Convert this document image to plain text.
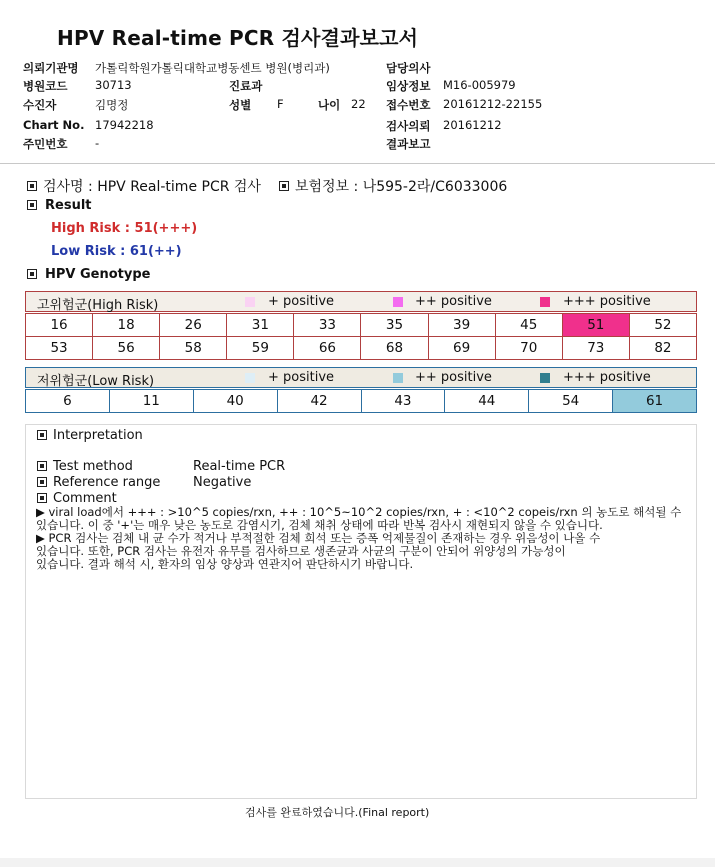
HPV Real-time PCR 검사결과보고서
의뢰기관명 가톨릭학원가톨릭대학교병동센트 병원(병리과)	담당의사
병원코드 30713	진료과	임상정보 M16-005979
수진자	김명정	성별 F	나이 22 접수번호 20161212-22155
Chart No. 17942218	검사의뢰 20161212
주민번호 -	결과보고
검사명 : HPV Real-time PCR 검사 보험정보 : 나595-2라/C6033006
Result
High Risk : 51(+++)
Low Risk : 61(++)
HPV Genotype
고위험군(High Risk)	+ positive	++ positive	+++ positive
16	18	26	31	33	35	39	45	51	52
53	56	58	59	66	68	69	70	73	82
저위험군(Low Risk)	+ positive	++ positive	+++ positive
6	11	40	42	43	44	54	61
Interpretation
Test method	Real-time PCR
Reference range	Negative
Comment
▶ viral load에서 +++ : >10^5 copies/rxn, ++ : 10^5~10^2 copies/rxn, + : <10^2 copeis/rxn 의 농도로 해석될 수
있습니다. 이 중 '+'는 매우 낮은 농도로 감염시기, 검체 채취 상태에 따라 반복 검사시 재현되지 않을 수 있습니다.
▶ PCR 검사는 검체 내 균 수가 적거나 부적절한 검체 희석 또는 증폭 억제물질이 존재하는 경우 위음성이 나올 수
있습니다. 또한, PCR 검사는 유전자 유무를 검사하므로 생존균과 사균의 구분이 안되어 위양성의 가능성이
있습니다. 결과 해석 시, 환자의 임상 양상과 연관지어 판단하시기 바랍니다.
검사를 완료하였습니다.(Final report)
